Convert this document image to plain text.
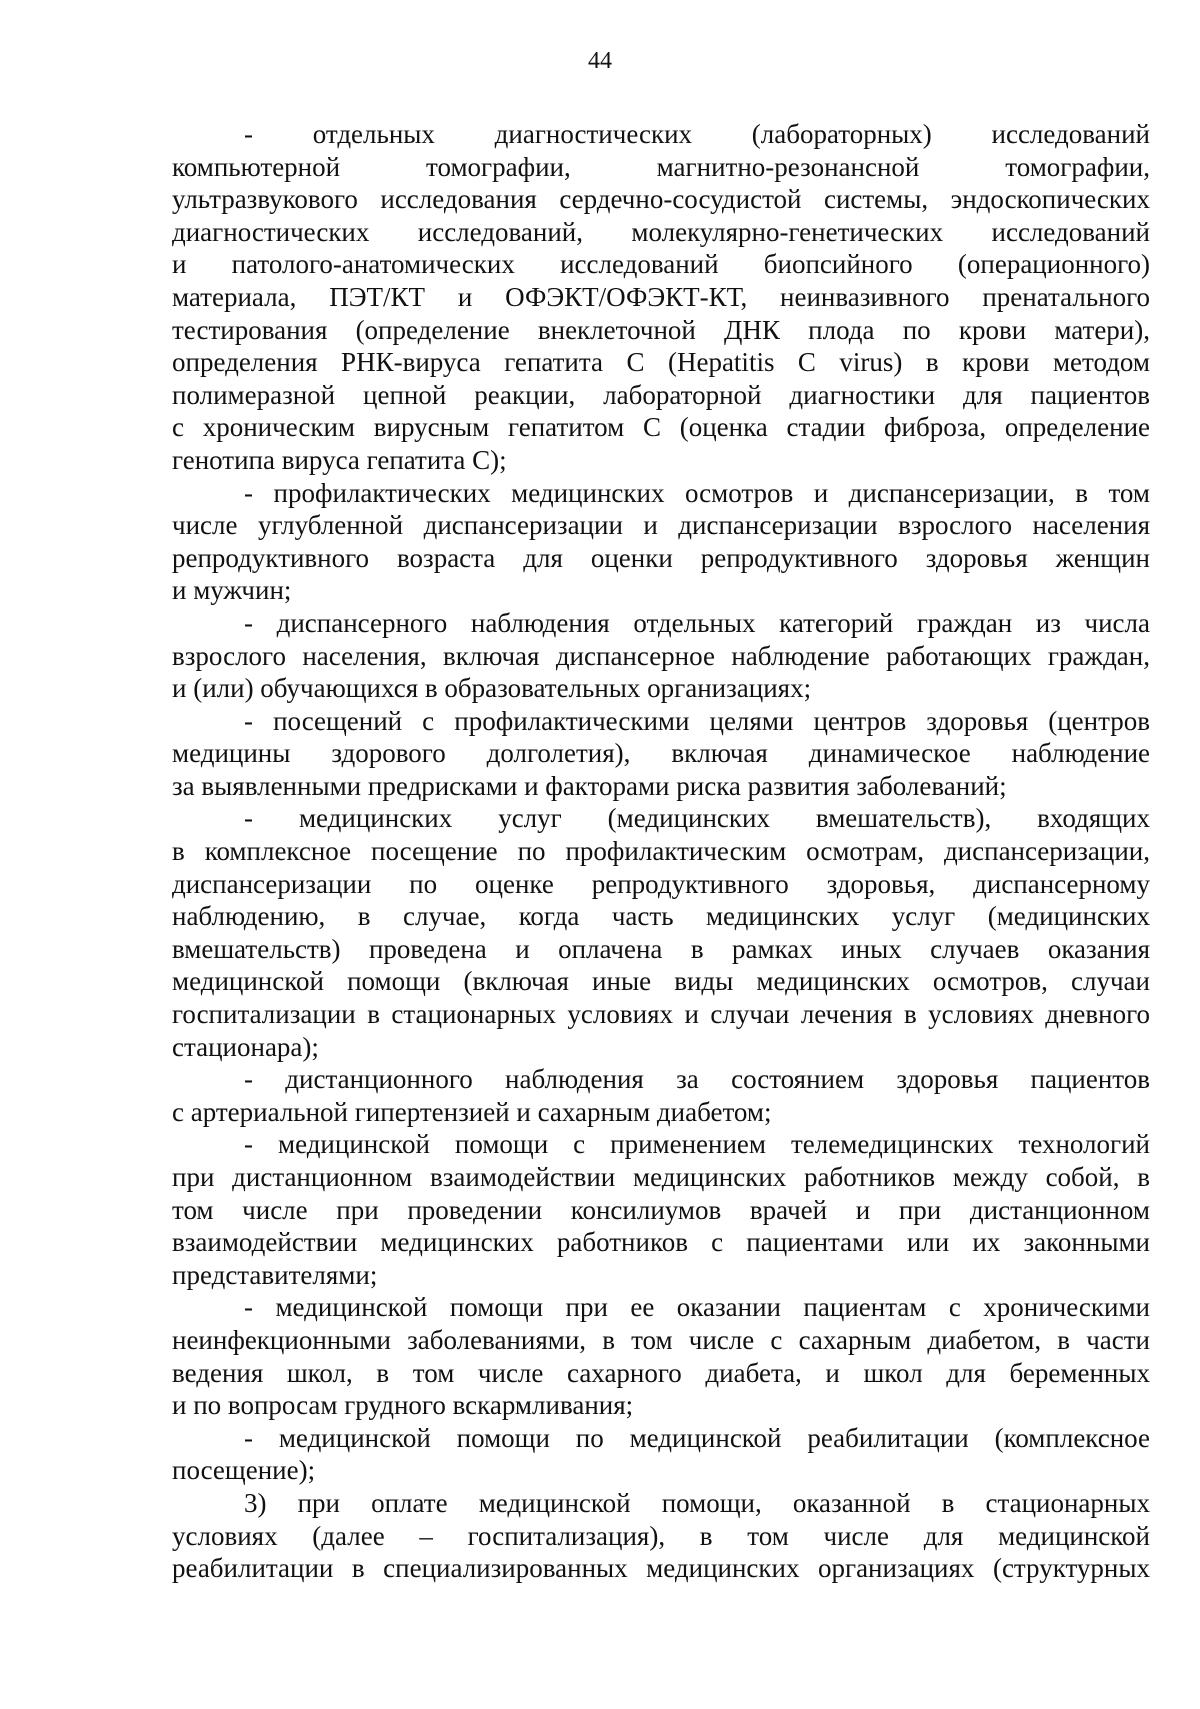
44
- отдельных диагностических (лабораторных) исследований
компьютерной томографии, магнитно-резонансной томографии,
ультразвукового исследования сердечно-сосудистой системы, эндоскопических
диагностических исследований, молекулярно-генетических исследований
и патолого-анатомических исследований биопсийного (операционного)
материала, ПЭТ/КТ и ОФЭКТ/ОФЭКТ-КТ, неинвазивного пренатального
тестирования (определение внеклеточной ДНК плода по крови матери),
определения РНК-вируса гепатита С (Hepatitis C virus) в крови методом
полимеразной цепной реакции, лабораторной диагностики для пациентов
с хроническим вирусным гепатитом С (оценка стадии фиброза, определение
генотипа вируса гепатита С);
- профилактических медицинских осмотров и диспансеризации, в том
числе углубленной диспансеризации и диспансеризации взрослого населения
репродуктивного возраста для оценки репродуктивного здоровья женщин
и мужчин;
- диспансерного наблюдения отдельных категорий граждан из числа
взрослого населения, включая диспансерное наблюдение работающих граждан,
и (или) обучающихся в образовательных организациях;
- посещений с профилактическими целями центров здоровья (центров
медицины здорового долголетия), включая динамическое наблюдение
за выявленными предрисками и факторами риска развития заболеваний;
- медицинских услуг (медицинских вмешательств), входящих
в комплексное посещение по профилактическим осмотрам, диспансеризации,
диспансеризации по оценке репродуктивного здоровья, диспансерному
наблюдению, в случае, когда часть медицинских услуг (медицинских
вмешательств) проведена и оплачена в рамках иных случаев оказания
медицинской помощи (включая иные виды медицинских осмотров, случаи
госпитализации в стационарных условиях и случаи лечения в условиях дневного
стационара);
- дистанционного наблюдения за состоянием здоровья пациентов
с артериальной гипертензией и сахарным диабетом;
- медицинской помощи с применением телемедицинских технологий
при дистанционном взаимодействии медицинских работников между собой, в
том числе при проведении консилиумов врачей и при дистанционном
взаимодействии медицинских работников с пациентами или их законными
представителями;
- медицинской помощи при ее оказании пациентам с хроническими
неинфекционными заболеваниями, в том числе с сахарным диабетом, в части
ведения школ, в том числе сахарного диабета, и школ для беременных
и по вопросам грудного вскармливания;
- медицинской помощи по медицинской реабилитации (комплексное
посещение);
3) при оплате медицинской помощи, оказанной в стационарных
условиях (далее – госпитализация), в том числе для медицинской
реабилитации в специализированных медицинских организациях (структурных
